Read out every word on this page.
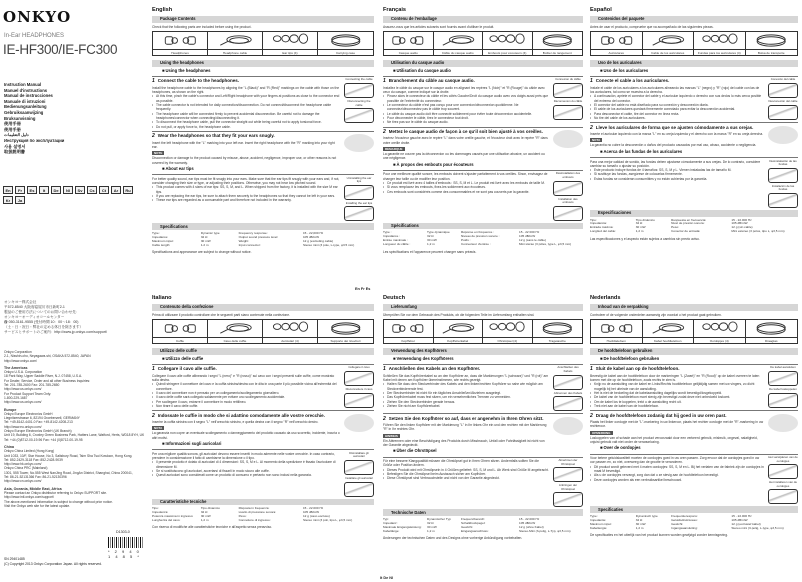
ONKYO
In-Ear HEADPHONES
IE-HF300/IE-FC300
Instruction Manual
Manuel d'instructions
Manual de instrucciones
Manuale di istruzioni
Bedienungsanleitung
Gebruiksaanwijzing
Bruksanvisning
使用手冊
使用手册
دليل التعليمات
Инструкция по эксплуатации
사용 설명서
取扱説明書
En	Fr	Es	It	De	Nl	Sv	Cs	Ct	Ar	Ru
Kr	Ja
オンキヨー株式会社
〒572-8540 大阪府寝屋川市日新町2-1
製品のご使用方法についてのお問い合わせ先：
オンキヨーオーディオコールセンター
☎ 050-3161-9555 (受付時間 10：00～18：00)
（土・日・祝日・弊社の定める休日を除きます）
サービスとサポートのご案内：http://www.jp.onkyo.com/support/
Onkyo Corporation
2-1, Nisshin-cho, Neyagawa-shi, OSAKA 572-8540, JAPAN
http://www.onkyo.com/
The Americas
Onkyo U.S.A. Corporation
18 Park Way, Upper Saddle River, N.J. 07458, U.S.A.
For Dealer, Service, Order and all other Business Inquiries:
Tel: 201-785-2600 Fax: 201-785-2650
http://www.us.onkyo.com/
For Product Support Team Only:
1-800-229-1687
http://www.us.onkyo.com/
Europe
Onkyo Europe Electronics GmbH
Liegnitzerstrasse 6, 82194 Groebenzell, GERMANY
Tel: +49-8142-4401-0 Fax: +49-8142-4208-213
http://www.eu.onkyo.com/
Onkyo Europe Electronics GmbH (UK Branch)
Unit 19, Building 6, Croxley Green Business Park, Hatters Lane, Watford, Herts, WD18 8YH, UK
Tel: +44 (0)8712-00-19-96 Fax: +44 (0)8712-00-19-95
China
Onkyo China Limited (Hong Kong)
Unit 1033, 10/F, Star House, No 3, Salisbury Road, Tsim Sha Tsui Kowloon, Hong Kong.
Tel: 852-2429-3118 Fax: 852-2428-9039
http://www.hk.onkyo.com/
Onkyo China PRC (Mainland)
1301, 555 Tower, No.555 West NanJing Road, JingAn District, Shanghai, China 200041,
Tel: 86-21-52131366 Fax: 86-21-52130396
http://www.cn.onkyo.com/
Asia, Oceania, Middle East, Africa
Please contact an Onkyo distributor referring to Onkyo SUPPORT site.
http://www.intl.onkyo.com/support/
The above-mentioned information is subject to change without prior notice.
Visit the Onkyo web site for the latest update.
D1303-0
* 2 9 4 0 1 4 8 5 *
SN 29401485
(C) Copyright 2013 Onkyo Corporation Japan. All rights reserved.
En Fr Es
It De Nl
English
Package Contents
Check that the following parts are included before using the product.
Headphones	Headphone cable	Ear tips (4)	Carrying case
Using the headphones
■ Using the headphones
1 Connect the cable to the headphones.
Install the headphone cable to the headphones by aligning the "L (Black)" and "R (Red)" markings on the cable with those on the headphones, as shown on the right.
• At this time, pinch the cable's connector and Left/Right headphone with your fingers at positions as close to the connector end as possible.
• The cable connector is not intended for daily connection/disconnection. Do not connect/disconnect the headphone cable frequently.
• The headphone cable will be connected firmly to prevent accidental disconnection. Be careful not to damage the headphones/connector when connecting/disconnecting it.
• To disconnect the headphone cable, pull the connector straight out while being careful not to apply torsional force.
• Do not pull, or apply force to, the headphone cable.
Connecting the cable
Disconnecting the cable
2 Wear the headphones so that they fit your ears snugly.
Insert the left headphone with the "L" marking into your left ear. Insert the right headphone with the "R" marking into your right ear.
NOTE
Disconnection or damage to the product caused by misuse, abuse, accident, negligence, improper use, or other reasons is not covered by the warranty.
■ About ear tips
For better quality sound, ear tips must be fit snugly into your ears. Make sure that the ear tips fit snugly with your ears and, if not, consider changing their size or type, or adjusting their positions. Otherwise, you may not hear low pitched sound.
• This product comes with 4 sizes of ear tips: SS, S, M, and L. When shipped from the factory, it is installed with the size M ear tips.
• If you are replacing the ear tips, be sure to attach them securely to the headphones so that they cannot be left in your ears.
• These ear tips are regarded as a consumable part and therefore not included in the warranty.
Uninstalling the ear tips
Installing the ear tips
Specifications
Type:	Dynamic type	Frequency response:	15 - 22,000 Hz
Impedance:	32 Ω	Output sound pressure level:	105 dB/mW
Maximum input:	30 mW	Weight:	12 g (excluding cable)
Cable length:	1.2 m	Input connector:	Stereo mini (3 pole, L-type, φ3.5 mm)
Specifications and appearance are subject to change without notice.
Français
Contenu de l'emballage
Assurez-vous que les articles suivants sont fournis avant d'utiliser le produit.
Casque audio	Câble du casque audio	Embouts pour écouteurs (4)	Boîtier de rangement
Utilisation du casque audio
■ Utilisation du casque audio
1 Branchement du câble au casque audio.
Installez le câble du casque sur le casque audio en alignant les repères "L (Noir)" et "R (Rouge)" du câble avec ceux du casque, comme indiqué sur la droite.
• Pincez alors le connecteur du câble et les côtés Gauche/Droit du casque audio avec vos doigts aussi près que possible de l'extrémité du connecteur.
• Le connecteur du câble n'est pas conçu pour une connexion/déconnexion quotidienne. Ne connectez/déconnectez pas le câble trop souvent.
• Le câble du casque audio doit être connecté solidement pour éviter toute déconnexion accidentelle.
• Pour déconnecter le câble, tirez le connecteur tout droit.
• Ne tirez pas sur le câble du casque audio.
Connexion du câble
Déconnexion du câble
2 Mettez le casque audio de façon à ce qu'il soit bien ajusté à vos oreilles.
Insérez l'écouteur gauche avec le repère "L" dans votre oreille gauche, et l'écouteur droit avec le repère "R" dans votre oreille droite.
REMARQUE
La garantie ne couvre pas la déconnexion ou les dommages causés par une utilisation abusive, un accident ou une négligence.
■ À propos des embouts pour écouteurs
Pour une meilleure qualité sonore, les embouts doivent s'ajuster parfaitement à vos oreilles. Sinon, envisagez de changer leur taille ou de modifier leur position.
• Ce produit est livré avec 4 tailles d'embouts : SS, S, M et L. Le produit est livré avec les embouts de taille M.
• Si vous remplacez les embouts, fixez-les solidement aux écouteurs.
• Ces embouts sont considérés comme des consommables et ne sont pas couverts par la garantie.
Désinstallation des embouts
Installation des embouts
Spécifications
Type :	Type dynamique	Réponse en fréquence :	15 - 22 000 Hz
Impédance :	32 Ω	Niveau de pression sonore :	105 dB/mW
Entrée maximale :	30 mW	Poids :	12 g (sans le câble)
Longueur du câble :	1,2 m	Connecteur d'entrée :	Mini stéréo (3 pôles, type L, φ3,5 mm)
Les spécifications et l'apparence peuvent changer sans préavis.
Español
Contenidos del paquete
Antes de usar el producto, compruebe que va acompañado de las siguientes piezas.
Auriculares	Cable de los auriculares	Fundas para los auriculares (4)	Bolsa de transporte
Uso de los auriculares
■ Uso de los auriculares
1 Conecte el cable a los auriculares.
Instale el cable de los auriculares a los auriculares alineando las marcas "L" (negro) y "R" (rojo) del cable con las de los auriculares, tal como se muestra a la derecha.
• A continuación, apriete el conector del cable y el auricular izquierdo o derecho con sus dedos lo más cerca posible del extremo del conector.
• El conector del cable no está diseñado para su conexión y desconexión diaria.
• El cable de los auriculares quedará firmemente conectado para evitar la desconexión accidental.
• Para desconectar el cable, tire del conector en línea recta.
• No tire del cable de los auriculares.
Conexión del cable
Desconexión del cable
2 Lleve los auriculares de forma que se ajusten cómodamente a sus orejas.
Inserte el auricular izquierdo con la marca "L" en su oreja izquierda y el derecho con la marca "R" en su oreja derecha.
NOTA
La garantía no cubre la desconexión o daños del producto causados por mal uso, abuso, accidente o negligencia.
■ Acerca de las fundas de los auriculares
Para una mejor calidad de sonido, las fundas deben ajustarse cómodamente a sus orejas. De lo contrario, considere cambiar su tamaño o ajustar su posición.
• Este producto incluye fundas de 4 tamaños: SS, S, M y L. Vienen instaladas las de tamaño M.
• Si sustituye las fundas, asegúrese de colocarlas firmemente.
• Estas fundas se consideran consumibles y no están cubiertas por la garantía.
Desinstalación de las fundas
Instalación de las fundas
Especificaciones
Tipo:	Tipo dinámico	Respuesta en frecuencia:	15 - 22.000 Hz
Impedancia:	32 Ω	Nivel de presión sonora:	105 dB/mW
Entrada máxima:	30 mW	Peso:	12 g (sin cable)
Longitud del cable:	1,2 m	Conector de entrada:	Mini estéreo (3 polos, tipo L, φ3,5 mm)
Las especificaciones y el aspecto están sujetos a cambios sin previo aviso.
Italiano
Contenuto della confezione
Prima di utilizzare il prodotto controllare che le seguenti parti siano contenute nella confezione.
Cuffie	Cavo delle cuffie	Auricolari (4)	Supporto dei ricevitori
Utilizzo delle cuffie
■ Utilizzo delle cuffie
1 Collegare il cavo alle cuffie.
Collegare il cavo alle cuffie allineando i segni "L (nero)" e "R (rosso)" sul cavo con i segni presenti sulle cuffie, come mostrato sulla destra.
• Quindi stringere il connettore del cavo e la cuffia sinistra/destra con le dita in una parte il più possibile vicina all'estremità del connettore.
• Il cavo del connettore non è pensato per un collegamento/scollegamento giornaliero.
• Il cavo delle cuffie sarà collegato saldamente per evitare uno scollegamento accidentale.
• Per scollegare il cavo, estrarre il connettore in modo rettilineo.
• Non tirare il cavo delle cuffie.
Collegare il cavo
Disconnettere il cavo
2 Indossate le cuffie in modo che si adattino comodamente alle vostre orecchie.
Inserire la cuffia sinistra con il segno "L" nell'orecchio sinistro, e quella destra con il segno "R" nell'orecchio destro.
NOTA
La garanzia non copre un eventuale scollegamento o danneggiamento del prodotto causato da uso scorretto, incidente, incuria o altri motivi.
■ Informazioni sugli auricolari
Per una migliore qualità sonora, gli auricolari devono essere inseriti in modo aderente nelle vostre orecchie. In caso contrario, prendere in considerazione il fatto di cambiarne la dimensione o il tipo.
• Il presente prodotto è dotato di auricolari di 4 dimensioni: SS, S, M e L. Al momento della spedizione è fissato l'auricolare di dimensione M.
• Se si sostituiscono gli auricolari, accertarsi di fissarli in modo sicuro alle cuffie.
• Questi auricolari sono considerati come un prodotto di consumo e pertanto non sono inclusi nella garanzia.
Disinstallare gli auricolari
Installare gli auricolari
Caratteristiche tecniche
Tipo:	Tipo dinamico	Risposta in frequenza:	15 - 22.000 Hz
Impedenza:	32 Ω	Livello di pressione sonora:	105 dB/mW
Potenza massima in ingresso:	30 mW	Peso:	12 g (cavo escluso)
Lunghezza del cavo:	1,2 m	Connettore di ingresso:	Stereo mini (3 poli, tipo L, φ3,5 mm)
Con riserva di modifiche alle caratteristiche tecniche e all'aspetto senza preavviso.
Deutsch
Lieferumfang
Überprüfen Sie vor dem Gebrauch des Produkts, ob die folgenden Teile im Lieferumfang enthalten sind.
Kopfhörer	Kopfhörerkabel	Ohrstöpsel (4)	Tragetasche
Verwendung des Kopfhörers
■ Verwendung des Kopfhörers
1 Anschließen des Kabels an den Kopfhörer.
Schließen Sie das Kopfhörerkabel so an den Kopfhörer an, dass die Markierungen "L (schwarz)" und "R (rot)" am Kabel mit denen am Kopfhörer übereinstimmen, wie rechts gezeigt.
• Halten Sie dazu den Steckverbinder des Kabels und den linken/rechten Kopfhörer so nahe wie möglich am Steckverbinderende fest.
• Der Steckverbinder ist nicht für ein tägliches Anschließen/Abziehen ausgelegt.
• Das Kopfhörerkabel muss fest sitzen, um ein versehentliches Trennen zu vermeiden.
• Ziehen Sie den Steckverbinder gerade heraus.
• Ziehen Sie nicht am Kopfhörerkabel.
Anschließen des Kabels
Abtrennen des Kabels
2 Setzen Sie den Kopfhörer so auf, dass er angenehm in Ihren Ohren sitzt.
Führen Sie den linken Kopfhörer mit der Markierung "L" in Ihr linkes Ohr ein und den rechten mit der Markierung "R" in Ihr rechtes Ohr.
HINWEIS
Ein Abtrennen oder eine Beschädigung des Produkts durch Missbrauch, Unfall oder Fahrlässigkeit ist nicht von der Garantie abgedeckt.
■ Über die Ohrstöpsel
Für eine bessere Klangqualität müssen die Ohrstöpsel gut in Ihren Ohren sitzen. Andernfalls sollten Sie die Größe oder Position ändern.
• Dieses Produkt wird mit Ohrstöpseln in 4 Größen geliefert: SS, S, M und L. Ab Werk sind Größe M angebracht.
• Befestigen Sie die Ohrstöpsel beim Austausch sicher am Kopfhörer.
• Diese Ohrstöpsel sind Verbrauchsteile und nicht von der Garantie abgedeckt.
Abnehmen der Ohrstöpsel
Anbringen der Ohrstöpsel
Technische Daten
Typ:	Dynamischer Typ	Frequenzbereich:	15 - 22.000 Hz
Impedanz:	32 Ω	Schalldruckpegel:	105 dB/mW
Maximale Eingangsleistung:	30 mW	Gewicht:	12 g (ohne Kabel)
Kabellänge:	1,2 m	Eingangsanschluss:	Stereo-Mini (3-polig, L-Typ, φ3,5 mm)
Änderungen der technischen Daten und des Designs ohne vorherige Ankündigung vorbehalten.
Nederlands
Inhoud van de verpakking
Controleer of de volgende onderdelen aanwezig zijn voordat u het product gaat gebruiken.
Hoofdtelefoon	Kabel hoofdtelefoon	Oordopjes (4)	Draagtas
De hoofdtelefoon gebruiken
■ De hoofdtelefoon gebruiken
1 Sluit de kabel aan op de hoofdtelefoon.
Bevestig de kabel aan de hoofdtelefoon door de markeringen "L (Zwart)" en "R (Rood)" op de kabel overeen te laten komen met die op de hoofdtelefoon, zoals rechts te zien is.
• Knijp nu de aansluiting van de kabel en Links/Rechts hoofdtelefoon gelijktijdig samen met uw vingers, zo dicht mogelijk bij het uiteinde van de aansluiting.
• Het is niet de bedoeling dat de kabelaansluiting dagelijks wordt bevestigd/losgekoppeld.
• De kabel van de hoofdtelefoon moet stevig zijn bevestigd zodat deze niet onbedoeld loskomt.
• Om de kabel los te koppelen, trekt u de aansluiting recht uit.
• Trek niet aan de kabel van de hoofdtelefoon.
De kabel aansluiten
De kabel loskoppelen
2 Draag de hoofdtelefoon zodanig dat hij goed in uw oren past.
Plaats het linker oordopje met de "L"-markering in uw linkeroor, plaats het rechter oordopje met de "R"-markering in uw rechteroor.
OPMERKING
Loskoppelen van of schade aan het product veroorzaakt door een verkeerd gebruik, misbruik, ongeval, nalatigheid, onjuist gebruik valt niet onder de verwaarlozing.
■ Over de oordopjes
Voor betere geluidskwaliteit moeten de oordopjes goed in uw oren passen. Zorg ervoor dat de oordopjes goed in uw oor passen en, zo niet, overweeg dan de grootte te veranderen.
• Dit product wordt geleverd met 4 maten oordopjes: SS, S, M en L. Bij het verlaten van de fabriek zijn de oordopjes in maat M bevestigd.
• Als u de oordopjes vervangt, zorg dan dat u ze stevig aan de hoofdtelefoon bevestigt.
• Deze oordopjes worden als een verbruiksartikel beschouwd.
Het verwijderen van de oordopjes
Het installeren van de oordopjes
Specificaties
Type:	Dynamisch type	Frequentierespons:	15 - 22.000 Hz
Impedantie:	32 Ω	Geluidsdrukniveau:	105 dB/mW
Maximum input:	30 mW	Gewicht:	12 g (exclusief kabel)
Kabellengte:	1,2 m	Ingangsaansluiting:	Stereo mini (3-polig, L-type, φ3,5 mm)
De specificaties en het uiterlijk van het product kunnen worden gewijzigd zonder kennisgeving.
